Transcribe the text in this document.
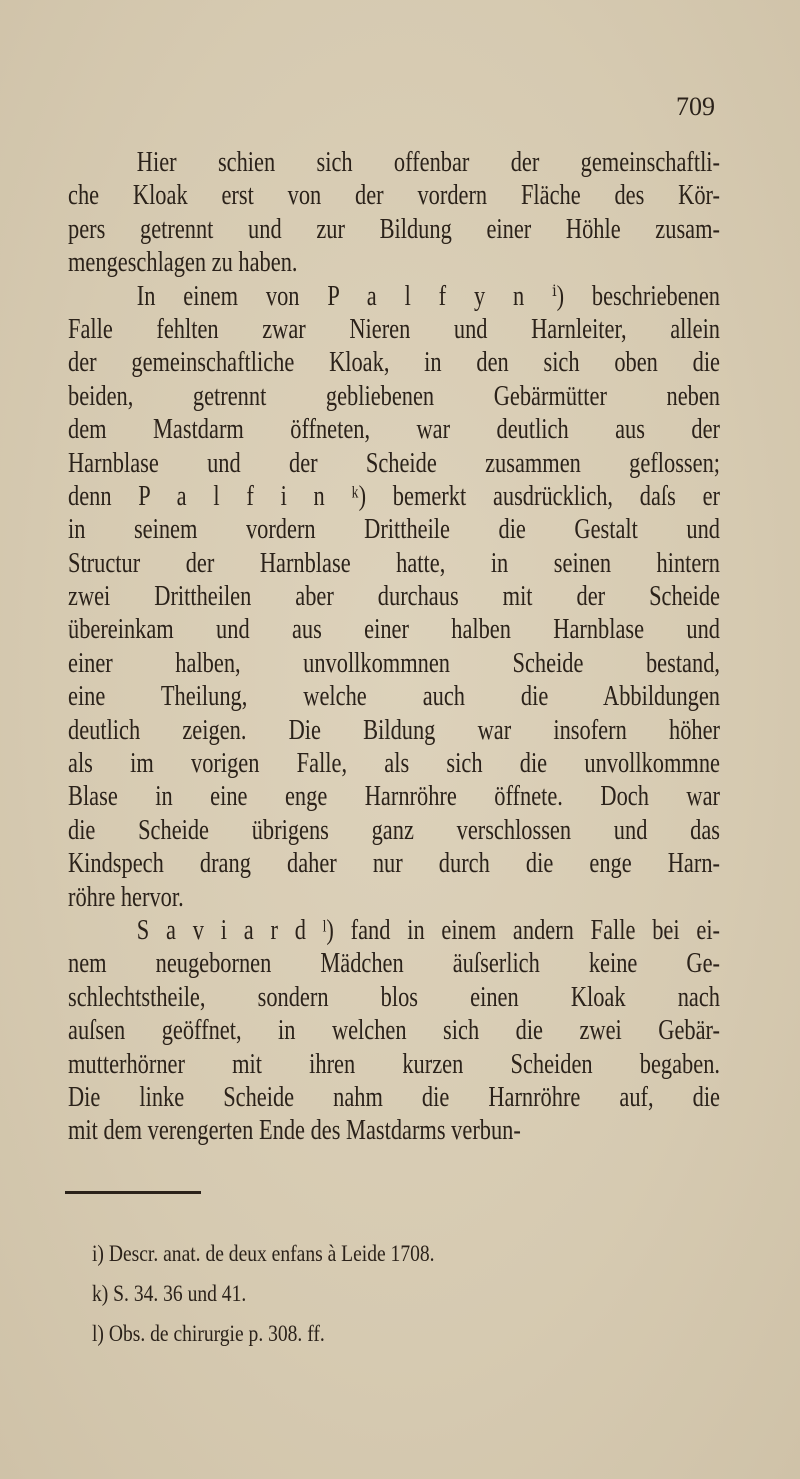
709
Hier schien sich offenbar der gemeinschaftli-
che Kloak erst von der vordern Fläche des Kör-
pers getrennt und zur Bildung einer Höhle zusam-
mengeschlagen zu haben.
In einem von P a l f y n ⁱ) beschriebenen
Falle fehlten zwar Nieren und Harnleiter, allein
der gemeinschaftliche Kloak, in den sich oben die
beiden, getrennt gebliebenen Gebärmütter neben
dem Mastdarm öffneten, war deutlich aus der
Harnblase und der Scheide zusammen geflossen;
denn P a l f i n ᵏ) bemerkt ausdrücklich, daſs er
in seinem vordern Drittheile die Gestalt und
Structur der Harnblase hatte, in seinen hintern
zwei Drittheilen aber durchaus mit der Scheide
übereinkam und aus einer halben Harnblase und
einer halben, unvollkommnen Scheide bestand,
eine Theilung, welche auch die Abbildungen
deutlich zeigen. Die Bildung war insofern höher
als im vorigen Falle, als sich die unvollkommne
Blase in eine enge Harnröhre öffnete. Doch war
die Scheide übrigens ganz verschlossen und das
Kindspech drang daher nur durch die enge Harn-
röhre hervor.
S a v i a r d ˡ) fand in einem andern Falle bei ei-
nem neugebornen Mädchen äuſserlich keine Ge-
schlechtstheile, sondern blos einen Kloak nach
auſsen geöffnet, in welchen sich die zwei Gebär-
mutterhörner mit ihren kurzen Scheiden begaben.
Die linke Scheide nahm die Harnröhre auf, die
mit dem verengerten Ende des Mastdarms verbun-
i) Descr. anat. de deux enfans à Leide 1708.
k) S. 34. 36 und 41.
l) Obs. de chirurgie p. 308. ff.
